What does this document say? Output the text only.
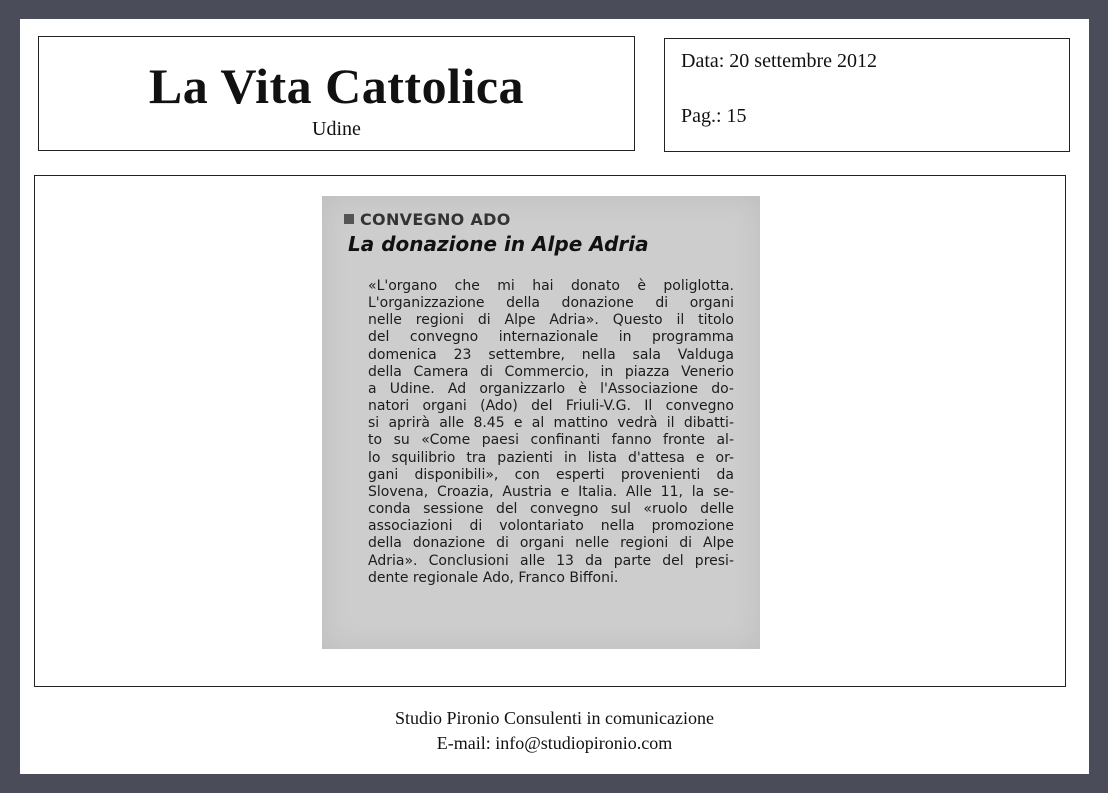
La Vita Cattolica
Udine
Data: 20 settembre 2012
Pag.: 15
CONVEGNO ADO
La donazione in Alpe Adria
«L'organo che mi hai donato è poliglotta.
L'organizzazione della donazione di organi
nelle regioni di Alpe Adria». Questo il titolo
del convegno internazionale in programma
domenica 23 settembre, nella sala Valduga
della Camera di Commercio, in piazza Venerio
a Udine. Ad organizzarlo è l'Associazione do-
natori organi (Ado) del Friuli-V.G. Il convegno
si aprirà alle 8.45 e al mattino vedrà il dibatti-
to su «Come paesi confinanti fanno fronte al-
lo squilibrio tra pazienti in lista d'attesa e or-
gani disponibili», con esperti provenienti da
Slovena, Croazia, Austria e Italia. Alle 11, la se-
conda sessione del convegno sul «ruolo delle
associazioni di volontariato nella promozione
della donazione di organi nelle regioni di Alpe
Adria». Conclusioni alle 13 da parte del presi-
dente regionale Ado, Franco Biffoni.
Studio Pironio Consulenti in comunicazione
E-mail: info@studiopironio.com
